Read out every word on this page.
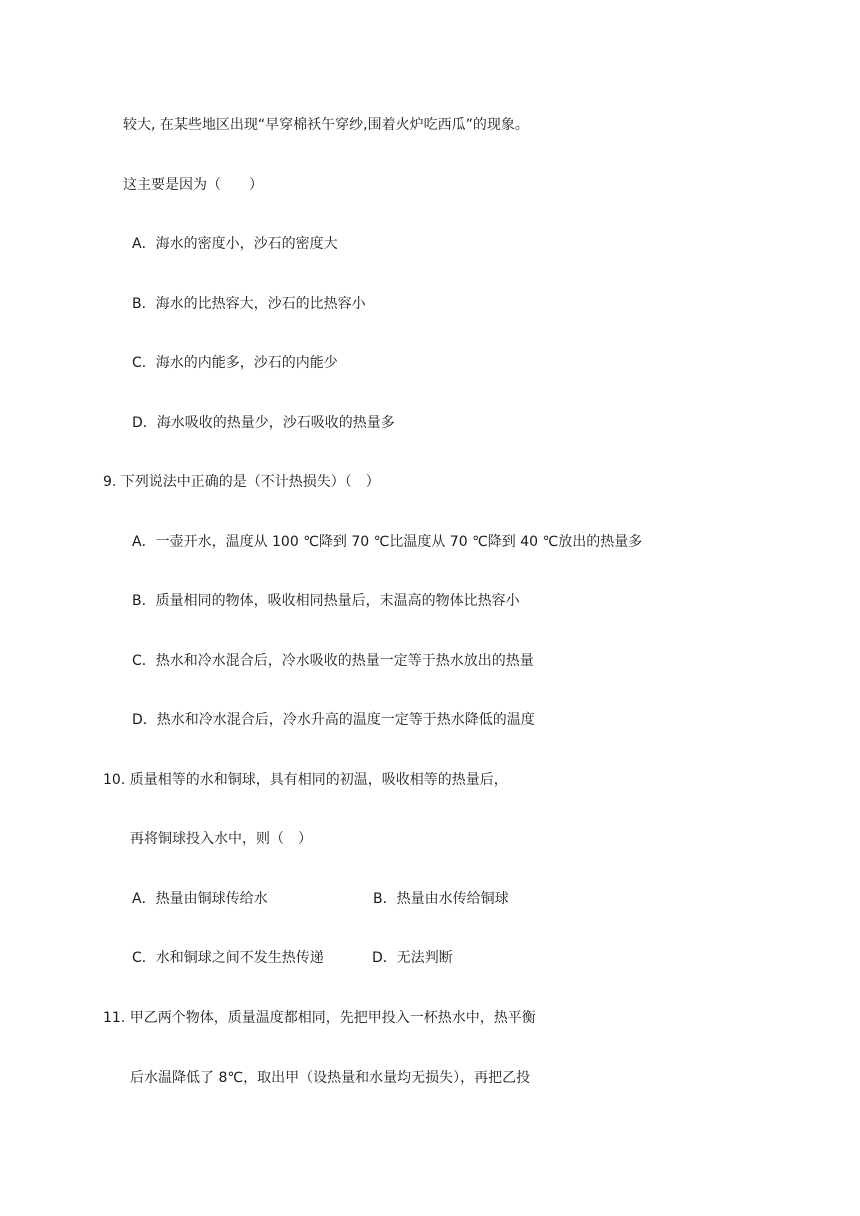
较大, 在某些地区出现“早穿棉袄午穿纱,围着火炉吃西瓜”的现象。
这主要是因为（　　）
A．海水的密度小，沙石的密度大
B．海水的比热容大，沙石的比热容小
C．海水的内能多，沙石的内能少
D．海水吸收的热量少，沙石吸收的热量多
9. 下列说法中正确的是（不计热损失）（　）
A．一壶开水，温度从 100 ℃降到 70 ℃比温度从 70 ℃降到 40 ℃放出的热量多
B．质量相同的物体，吸收相同热量后，末温高的物体比热容小
C．热水和冷水混合后，冷水吸收的热量一定等于热水放出的热量
D．热水和冷水混合后，冷水升高的温度一定等于热水降低的温度
10. 质量相等的水和铜球，具有相同的初温，吸收相等的热量后，
再将铜球投入水中，则（　）
A．热量由铜球传给水	B．热量由水传给铜球
C．水和铜球之间不发生热传递	D．无法判断
11. 甲乙两个物体，质量温度都相同，先把甲投入一杯热水中，热平衡
后水温降低了 8℃，取出甲（设热量和水量均无损失），再把乙投
